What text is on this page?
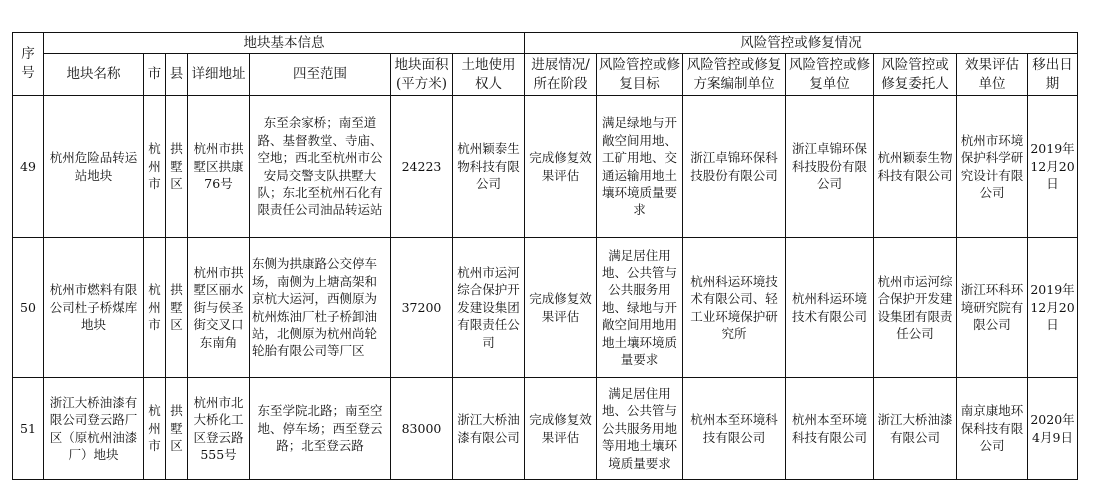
序号	地块基本信息							风险管控或修复情况						
	地块名称	市	县	详细地址	四至范围	地块面积(平方米)	土地使用权人	进展情况/所在阶段	风险管控或修复目标	风险管控或修复方案编制单位	风险管控或修复单位	风险管控或修复委托人	效果评估单位	移出日期
49	杭州危险品转运站地块	杭州市	拱墅区	杭州市拱墅区拱康76号	东至余家桥；南至道路、基督教堂、寺庙、空地；西北至杭州市公安局交警支队拱墅大队；东北至杭州石化有限责任公司油品转运站	24223	杭州颖泰生物科技有限公司	完成修复效果评估	满足绿地与开敞空间用地、工矿用地、交通运输用地土壤环境质量要求	浙江卓锦环保科技股份有限公司	浙江卓锦环保科技股份有限公司	杭州颖泰生物科技有限公司	杭州市环境保护科学研究设计有限公司	2019年12月20日
50	杭州市燃料有限公司杜子桥煤库地块	杭州市	拱墅区	杭州市拱墅区丽水街与侯圣街交叉口东南角	东侧为拱康路公交停车场，南侧为上塘高架和京杭大运河，西侧原为杭州炼油厂杜子桥卸油站，北侧原为杭州尚轮轮胎有限公司等厂区	37200	杭州市运河综合保护开发建设集团有限责任公司	完成修复效果评估	满足居住用地、公共管与公共服务用地、绿地与开敞空间用地用地土壤环境质量要求	杭州科运环境技术有限公司、轻工业环境保护研究所	杭州科运环境技术有限公司	杭州市运河综合保护开发建设集团有限责任公司	浙江环科环境研究院有限公司	2019年12月20日
51	浙江大桥油漆有限公司登云路厂区（原杭州油漆厂）地块	杭州市	拱墅区	杭州市北大桥化工区登云路555号	东至学院北路；南至空地、停车场；西至登云路；北至登云路	83000	浙江大桥油漆有限公司	完成修复效果评估	满足居住用地、公共管与公共服务用地等用地土壤环境质量要求	杭州本至环境科技有限公司	杭州本至环境科技有限公司	浙江大桥油漆有限公司	南京康地环保科技有限公司	2020年4月9日
